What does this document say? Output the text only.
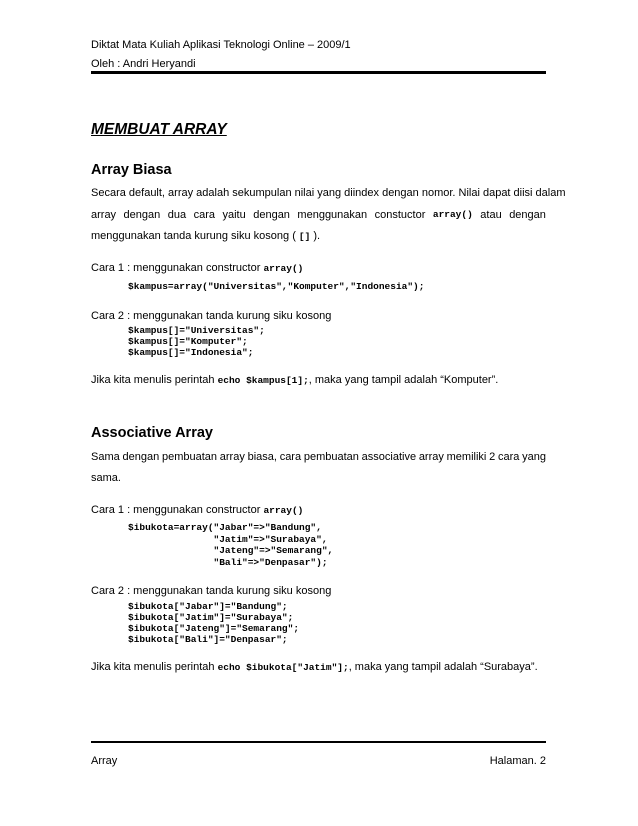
Diktat Mata Kuliah Aplikasi Teknologi Online – 2009/1
Oleh : Andri Heryandi
MEMBUAT ARRAY
Array Biasa
Secara default, array adalah sekumpulan nilai yang diindex dengan nomor. Nilai dapat diisi dalam
array dengan dua cara yaitu dengan menggunakan constuctor array() atau dengan
menggunakan tanda kurung siku kosong ( [] ).
Cara 1 : menggunakan constructor array()
$kampus=array("Universitas","Komputer","Indonesia");
Cara 2 : menggunakan tanda kurung siku kosong
$kampus[]="Universitas";
$kampus[]="Komputer";
$kampus[]="Indonesia";
Jika kita menulis perintah echo $kampus[1];, maka yang tampil adalah “Komputer”.
Associative Array
Sama dengan pembuatan array biasa, cara pembuatan associative array memiliki 2 cara yang
sama.
Cara 1 : menggunakan constructor array()
$ibukota=array("Jabar"=>"Bandung",
"Jatim"=>"Surabaya",
"Jateng"=>"Semarang",
"Bali"=>"Denpasar");
Cara 2 : menggunakan tanda kurung siku kosong
$ibukota["Jabar"]="Bandung";
$ibukota["Jatim"]="Surabaya";
$ibukota["Jateng"]="Semarang";
$ibukota["Bali"]="Denpasar";
Jika kita menulis perintah echo $ibukota["Jatim"];, maka yang tampil adalah “Surabaya”.
Array	Halaman. 2
